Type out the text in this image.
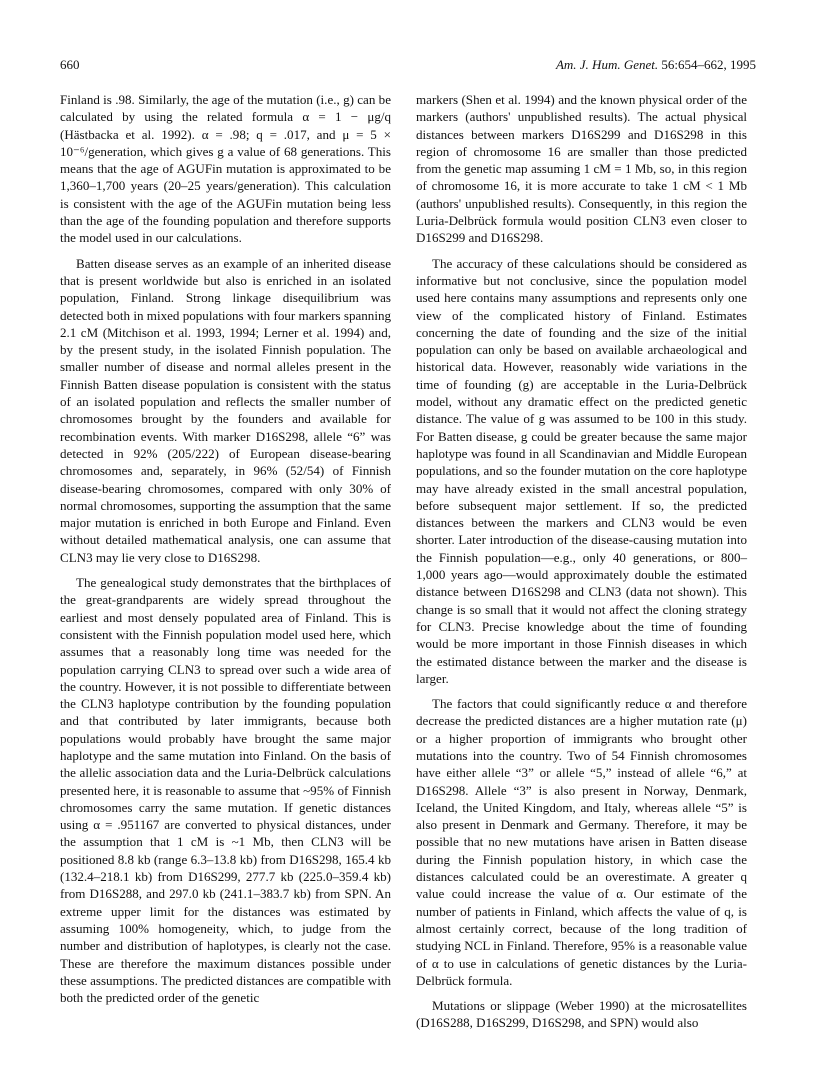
660	Am. J. Hum. Genet. 56:654–662, 1995

Finland is .98. Similarly, the age of the mutation (i.e., g) can be calculated by using the related formula α = 1 − μg/q (Hästbacka et al. 1992). α = .98; q = .017, and μ = 5 × 10⁻⁶/generation, which gives g a value of 68 generations. This means that the age of AGUFin mutation is approximated to be 1,360–1,700 years (20–25 years/generation). This calculation is consistent with the age of the AGUFin mutation being less than the age of the founding population and therefore supports the model used in our calculations.

Batten disease serves as an example of an inherited disease that is present worldwide but also is enriched in an isolated population, Finland. Strong linkage disequilibrium was detected both in mixed populations with four markers spanning 2.1 cM (Mitchison et al. 1993, 1994; Lerner et al. 1994) and, by the present study, in the isolated Finnish population. The smaller number of disease and normal alleles present in the Finnish Batten disease population is consistent with the status of an isolated population and reflects the smaller number of chromosomes brought by the founders and available for recombination events. With marker D16S298, allele “6” was detected in 92% (205/222) of European disease-bearing chromosomes and, separately, in 96% (52/54) of Finnish disease-bearing chromosomes, compared with only 30% of normal chromosomes, supporting the assumption that the same major mutation is enriched in both Europe and Finland. Even without detailed mathematical analysis, one can assume that CLN3 may lie very close to D16S298.

The genealogical study demonstrates that the birthplaces of the great-grandparents are widely spread throughout the earliest and most densely populated area of Finland. This is consistent with the Finnish population model used here, which assumes that a reasonably long time was needed for the population carrying CLN3 to spread over such a wide area of the country. However, it is not possible to differentiate between the CLN3 haplotype contribution by the founding population and that contributed by later immigrants, because both populations would probably have brought the same major haplotype and the same mutation into Finland. On the basis of the allelic association data and the Luria-Delbrück calculations presented here, it is reasonable to assume that ~95% of Finnish chromosomes carry the same mutation. If genetic distances using α = .951167 are converted to physical distances, under the assumption that 1 cM is ~1 Mb, then CLN3 will be positioned 8.8 kb (range 6.3–13.8 kb) from D16S298, 165.4 kb (132.4–218.1 kb) from D16S299, 277.7 kb (225.0–359.4 kb) from D16S288, and 297.0 kb (241.1–383.7 kb) from SPN. An extreme upper limit for the distances was estimated by assuming 100% homogeneity, which, to judge from the number and distribution of haplotypes, is clearly not the case. These are therefore the maximum distances possible under these assumptions. The predicted distances are compatible with both the predicted order of the genetic

markers (Shen et al. 1994) and the known physical order of the markers (authors' unpublished results). The actual physical distances between markers D16S299 and D16S298 in this region of chromosome 16 are smaller than those predicted from the genetic map assuming 1 cM = 1 Mb, so, in this region of chromosome 16, it is more accurate to take 1 cM < 1 Mb (authors' unpublished results). Consequently, in this region the Luria-Delbrück formula would position CLN3 even closer to D16S299 and D16S298.

The accuracy of these calculations should be considered as informative but not conclusive, since the population model used here contains many assumptions and represents only one view of the complicated history of Finland. Estimates concerning the date of founding and the size of the initial population can only be based on available archaeological and historical data. However, reasonably wide variations in the time of founding (g) are acceptable in the Luria-Delbrück model, without any dramatic effect on the predicted genetic distance. The value of g was assumed to be 100 in this study. For Batten disease, g could be greater because the same major haplotype was found in all Scandinavian and Middle European populations, and so the founder mutation on the core haplotype may have already existed in the small ancestral population, before subsequent major settlement. If so, the predicted distances between the markers and CLN3 would be even shorter. Later introduction of the disease-causing mutation into the Finnish population—e.g., only 40 generations, or 800–1,000 years ago—would approximately double the estimated distance between D16S298 and CLN3 (data not shown). This change is so small that it would not affect the cloning strategy for CLN3. Precise knowledge about the time of founding would be more important in those Finnish diseases in which the estimated distance between the marker and the disease is larger.

The factors that could significantly reduce α and therefore decrease the predicted distances are a higher mutation rate (μ) or a higher proportion of immigrants who brought other mutations into the country. Two of 54 Finnish chromosomes have either allele “3” or allele “5,” instead of allele “6,” at D16S298. Allele “3” is also present in Norway, Denmark, Iceland, the United Kingdom, and Italy, whereas allele “5” is also present in Denmark and Germany. Therefore, it may be possible that no new mutations have arisen in Batten disease during the Finnish population history, in which case the distances calculated could be an overestimate. A greater q value could increase the value of α. Our estimate of the number of patients in Finland, which affects the value of q, is almost certainly correct, because of the long tradition of studying NCL in Finland. Therefore, 95% is a reasonable value of α to use in calculations of genetic distances by the Luria-Delbrück formula.

Mutations or slippage (Weber 1990) at the microsatellites (D16S288, D16S299, D16S298, and SPN) would also
